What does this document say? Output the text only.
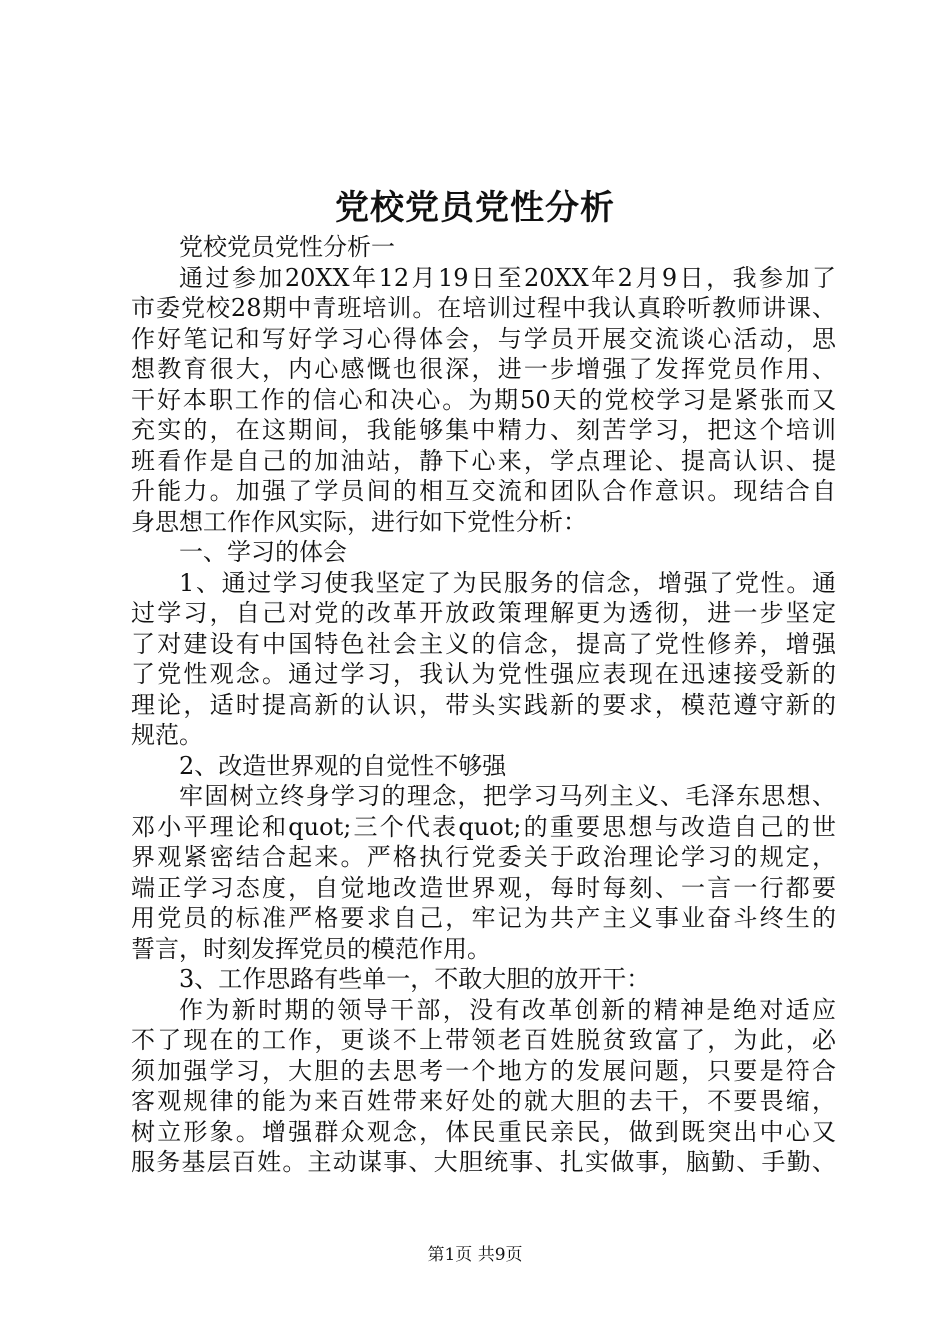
党校党员党性分析
党校党员党性分析一
通过参加20XX年12月19日至20XX年2月9日，我参加了
市委党校28期中青班培训。在培训过程中我认真聆听教师讲课、
作好笔记和写好学习心得体会，与学员开展交流谈心活动，思
想教育很大，内心感慨也很深，进一步增强了发挥党员作用、
干好本职工作的信心和决心。为期50天的党校学习是紧张而又
充实的，在这期间，我能够集中精力、刻苦学习，把这个培训
班看作是自己的加油站，静下心来，学点理论、提高认识、提
升能力。加强了学员间的相互交流和团队合作意识。现结合自
身思想工作作风实际，进行如下党性分析：
一、学习的体会
1、通过学习使我坚定了为民服务的信念，增强了党性。通
过学习，自己对党的改革开放政策理解更为透彻，进一步坚定
了对建设有中国特色社会主义的信念，提高了党性修养，增强
了党性观念。通过学习，我认为党性强应表现在迅速接受新的
理论，适时提高新的认识，带头实践新的要求，模范遵守新的
规范。
2、改造世界观的自觉性不够强
牢固树立终身学习的理念，把学习马列主义、毛泽东思想、
邓小平理论和quot;三个代表quot;的重要思想与改造自己的世
界观紧密结合起来。严格执行党委关于政治理论学习的规定，
端正学习态度，自觉地改造世界观，每时每刻、一言一行都要
用党员的标准严格要求自己，牢记为共产主义事业奋斗终生的
誓言，时刻发挥党员的模范作用。
3、工作思路有些单一，不敢大胆的放开干：
作为新时期的领导干部，没有改革创新的精神是绝对适应
不了现在的工作，更谈不上带领老百姓脱贫致富了，为此，必
须加强学习，大胆的去思考一个地方的发展问题，只要是符合
客观规律的能为来百姓带来好处的就大胆的去干，不要畏缩，
树立形象。增强群众观念，体民重民亲民，做到既突出中心又
服务基层百姓。主动谋事、大胆统事、扎实做事，脑勤、手勤、
第1页 共9页
